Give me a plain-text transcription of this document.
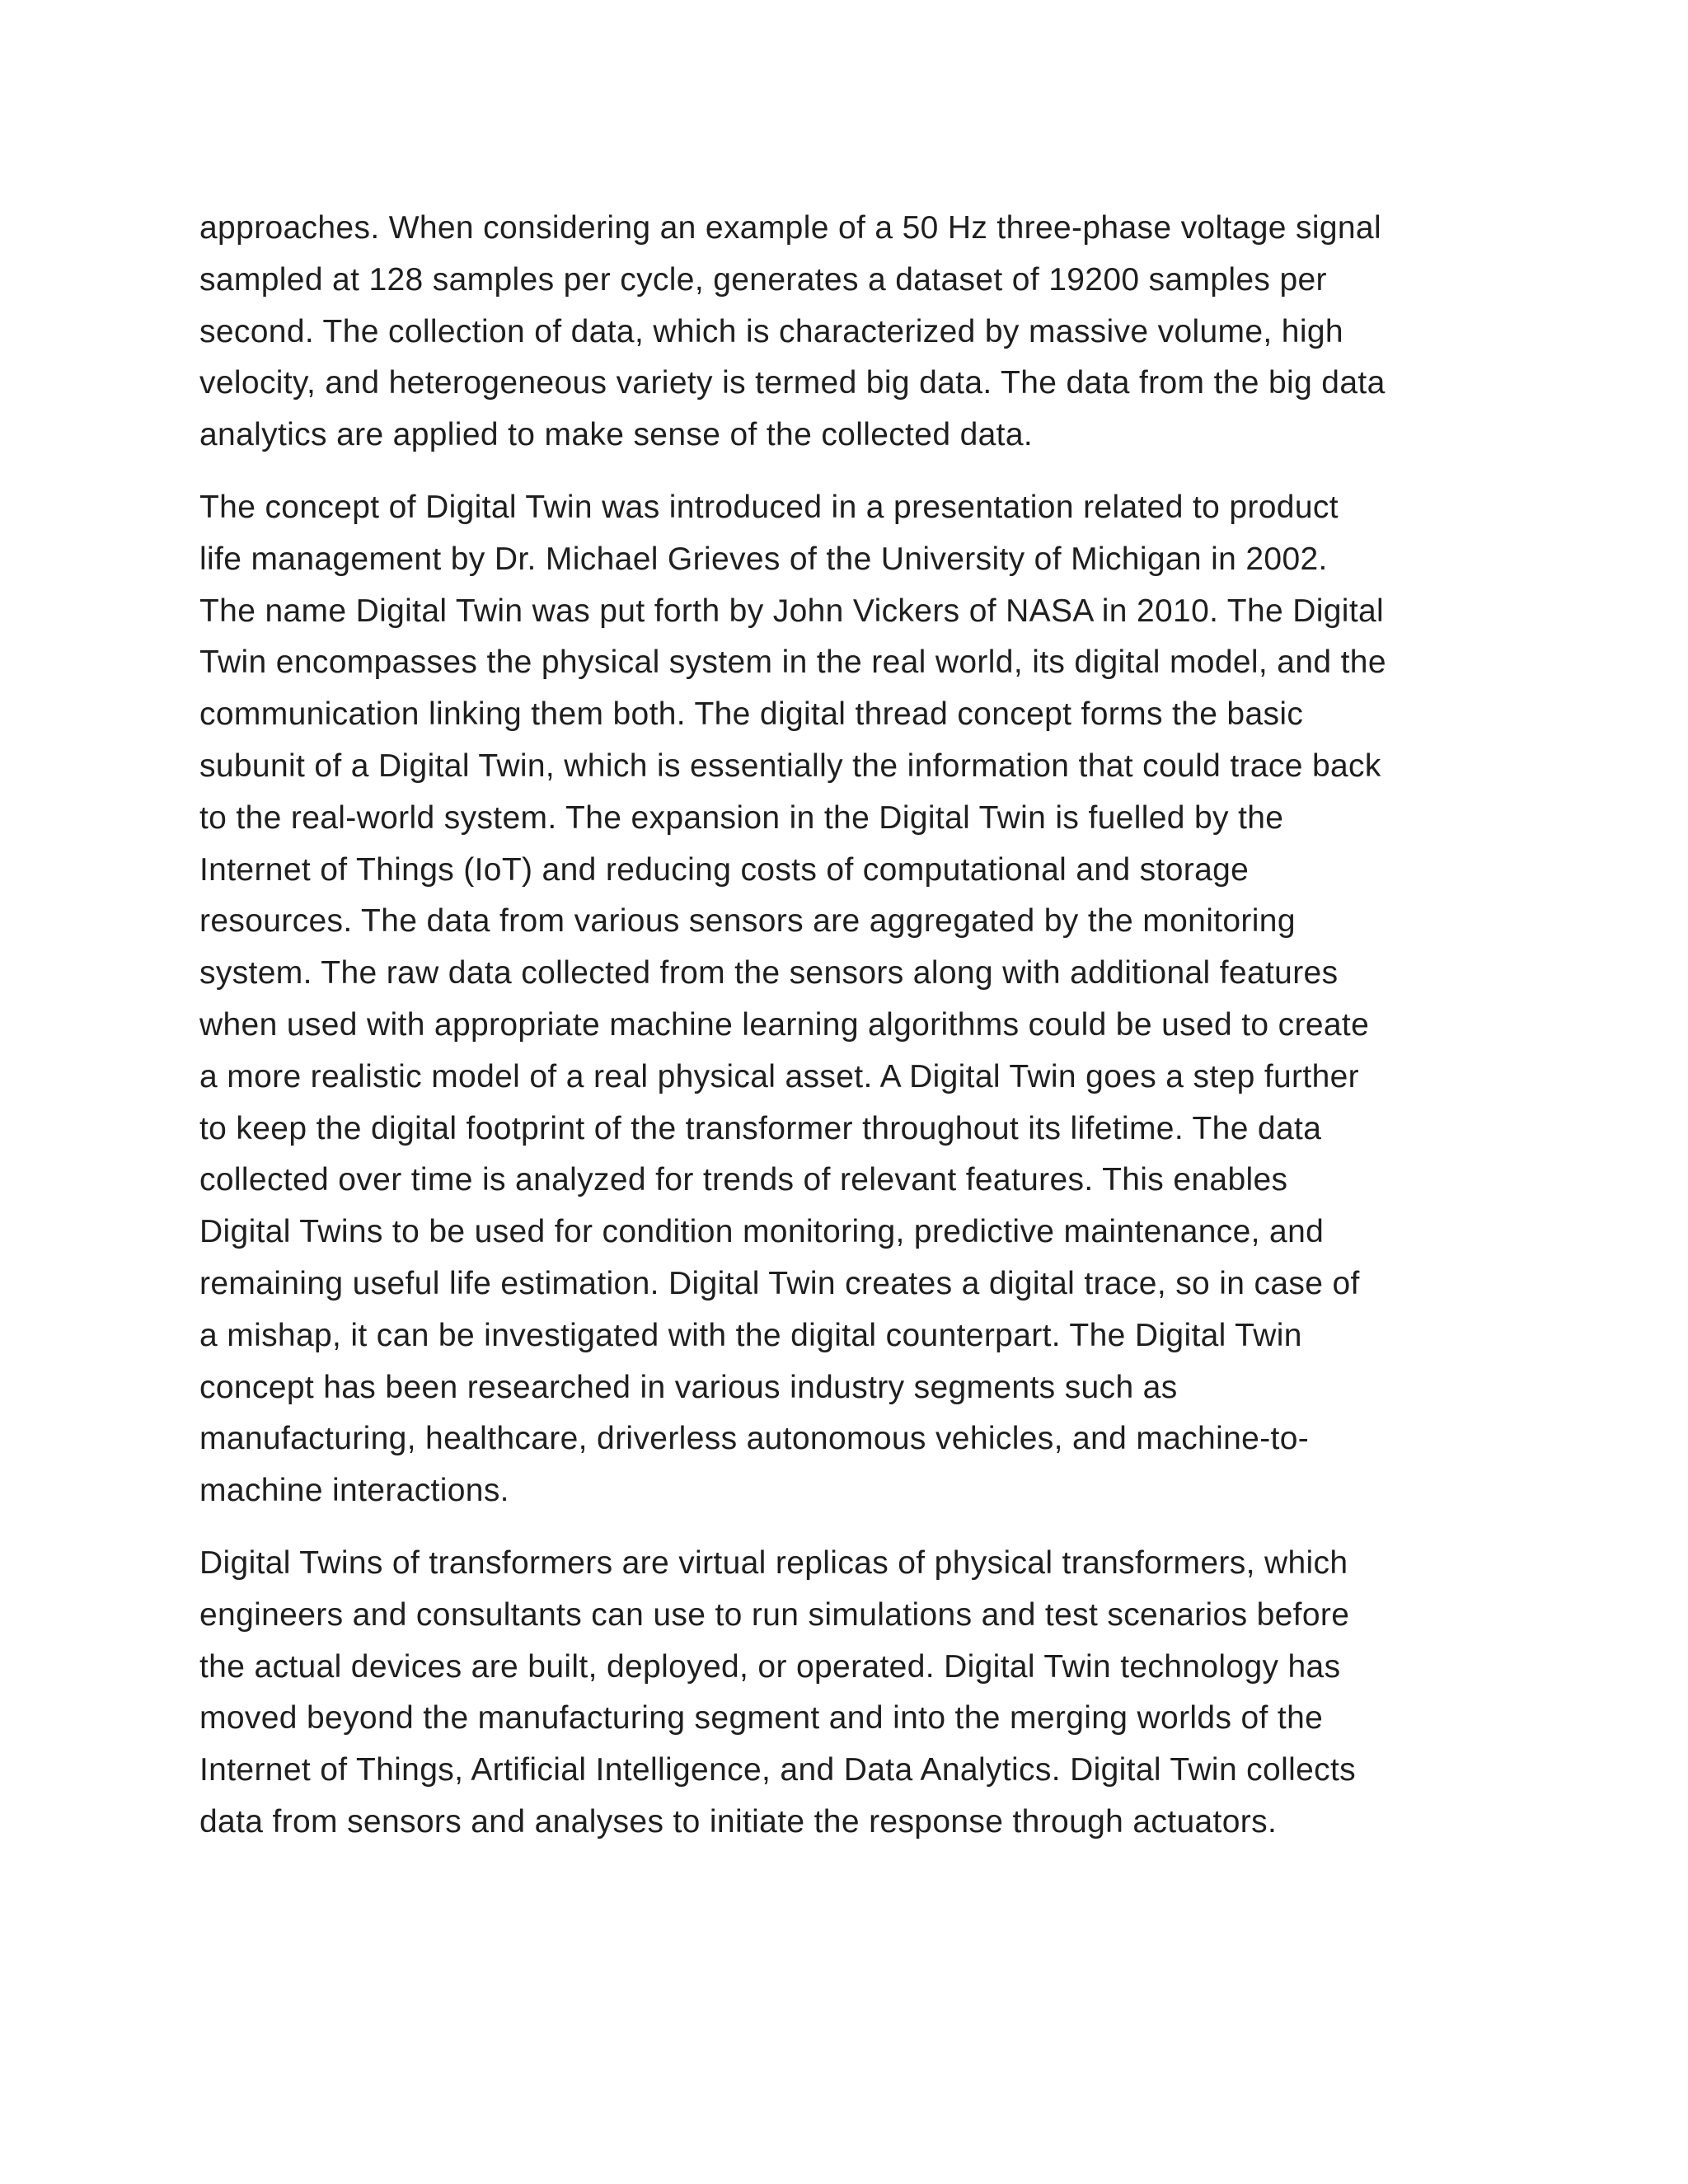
approaches. When considering an example of a 50 Hz three-phase voltage signal
sampled at 128 samples per cycle, generates a dataset of 19200 samples per
second. The collection of data, which is characterized by massive volume, high
velocity, and heterogeneous variety is termed big data. The data from the big data
analytics are applied to make sense of the collected data.

The concept of Digital Twin was introduced in a presentation related to product
life management by Dr. Michael Grieves of the University of Michigan in 2002.
The name Digital Twin was put forth by John Vickers of NASA in 2010. The Digital
Twin encompasses the physical system in the real world, its digital model, and the
communication linking them both. The digital thread concept forms the basic
subunit of a Digital Twin, which is essentially the information that could trace back
to the real-world system. The expansion in the Digital Twin is fuelled by the
Internet of Things (IoT) and reducing costs of computational and storage
resources. The data from various sensors are aggregated by the monitoring
system. The raw data collected from the sensors along with additional features
when used with appropriate machine learning algorithms could be used to create
a more realistic model of a real physical asset. A Digital Twin goes a step further
to keep the digital footprint of the transformer throughout its lifetime. The data
collected over time is analyzed for trends of relevant features. This enables
Digital Twins to be used for condition monitoring, predictive maintenance, and
remaining useful life estimation. Digital Twin creates a digital trace, so in case of
a mishap, it can be investigated with the digital counterpart. The Digital Twin
concept has been researched in various industry segments such as
manufacturing, healthcare, driverless autonomous vehicles, and machine-to-
machine interactions.

Digital Twins of transformers are virtual replicas of physical transformers, which
engineers and consultants can use to run simulations and test scenarios before
the actual devices are built, deployed, or operated. Digital Twin technology has
moved beyond the manufacturing segment and into the merging worlds of the
Internet of Things, Artificial Intelligence, and Data Analytics. Digital Twin collects
data from sensors and analyses to initiate the response through actuators.
